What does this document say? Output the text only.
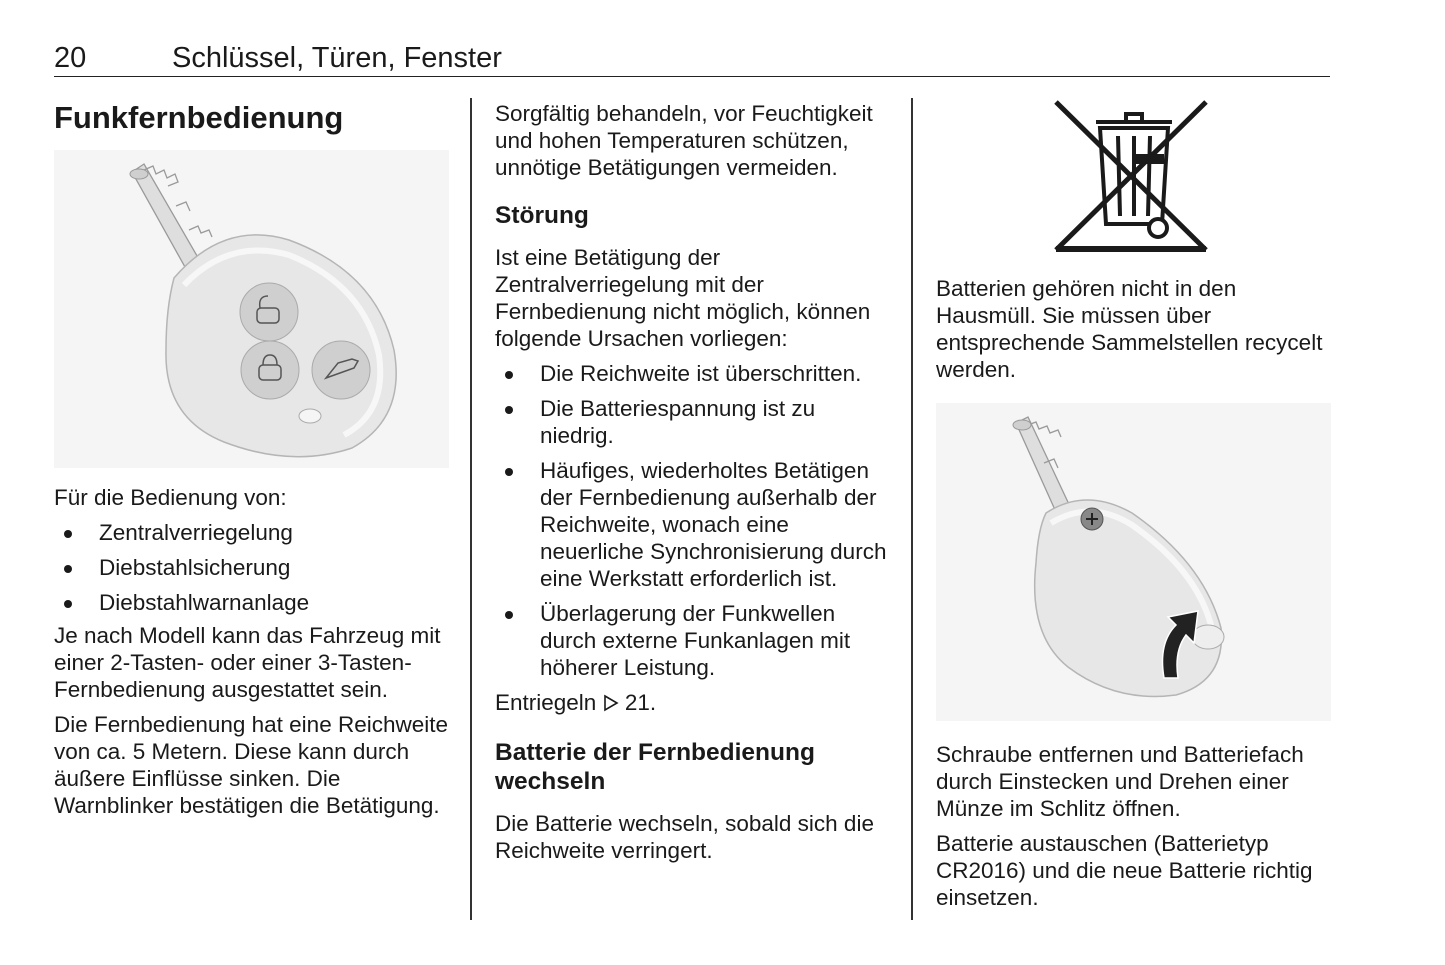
20	Schlüssel, Türen, Fenster
Funkfernbedienung

Für die Bedienung von:

Zentralverriegelung
Diebstahlsicherung
Diebstahlwarnanlage

Je nach Modell kann das Fahrzeug mit einer 2-Tasten- oder einer 3-Tasten-Fernbedienung ausgestattet sein.

Die Fernbedienung hat eine Reichweite von ca. 5 Metern. Diese kann durch äußere Einflüsse sinken. Die Warnblinker bestätigen die Betätigung.

Sorgfältig behandeln, vor Feuchtigkeit und hohen Temperaturen schützen, unnötige Betätigungen vermeiden.

Störung

Ist eine Betätigung der Zentralverriegelung mit der Fernbedienung nicht möglich, können folgende Ursachen vorliegen:

Die Reichweite ist überschritten.
Die Batteriespannung ist zu niedrig.
Häufiges, wiederholtes Betätigen der Fernbedienung außerhalb der Reichweite, wonach eine neuerliche Synchronisierung durch eine Werkstatt erforderlich ist.
Überlagerung der Funkwellen durch externe Funkanlagen mit höherer Leistung.

Entriegeln 21.

Batterie der Fernbedienung wechseln

Die Batterie wechseln, sobald sich die Reichweite verringert.

Batterien gehören nicht in den Hausmüll. Sie müssen über entsprechende Sammelstellen recycelt werden.

Schraube entfernen und Batteriefach durch Einstecken und Drehen einer Münze im Schlitz öffnen.

Batterie austauschen (Batterietyp CR2016) und die neue Batterie richtig einsetzen.
